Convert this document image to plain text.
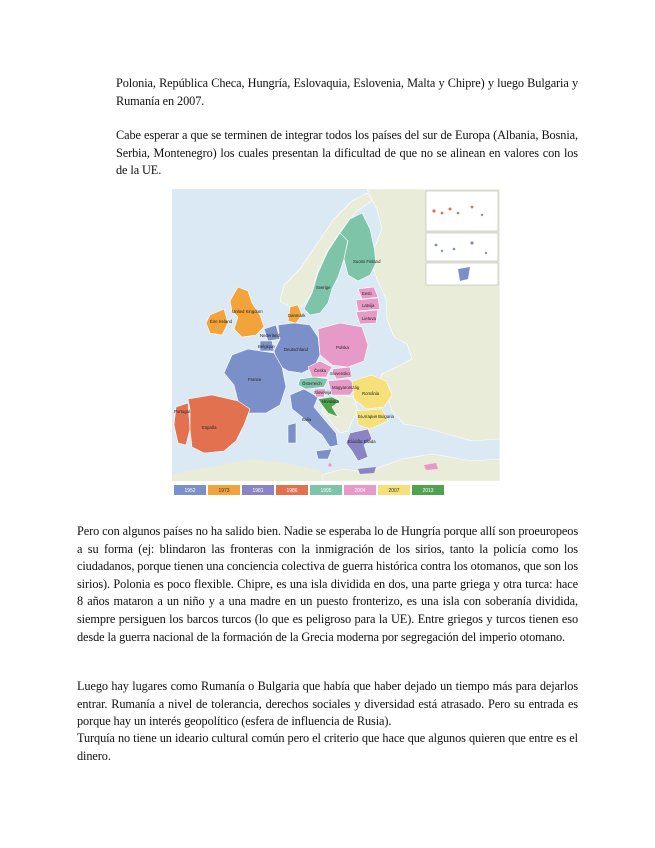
Polonia, República Checa, Hungría, Eslovaquia, Eslovenia, Malta y Chipre) y luego Bulgaria y Rumanía en 2007.

Cabe esperar a que se terminen de integrar todos los países del sur de Europa (Albania, Bosnia, Serbia, Montenegro) los cuales presentan la dificultad de que no se alinean en valores con los de la UE.

Suomi Finland
Sverige
Eesti
Latvija
Lietuva
United Kingdom
Éire Ireland
Danmark
Nederland
Belgique
Deutschland	Polska
Česko
Slovensko
Österreich
Magyarország
France
Slovenija
Hrvatska
România
България Bulgaria
Portugal
España
Italia
Ελλάδα Elláda
1952	1973	1981	1986	1995	2004	2007	2013

Pero con algunos países no ha salido bien. Nadie se esperaba lo de Hungría porque allí son proeuropeos a su forma (ej: blindaron las fronteras con la inmigración de los sirios, tanto la policía como los ciudadanos, porque tienen una conciencia colectiva de guerra histórica contra los otomanos, que son los sirios). Polonia es poco flexible. Chipre, es una isla dividida en dos, una parte griega y otra turca: hace 8 años mataron a un niño y a una madre en un puesto fronterizo, es una isla con soberanía dividida, siempre persiguen los barcos turcos (lo que es peligroso para la UE). Entre griegos y turcos tienen eso desde la guerra nacional de la formación de la Grecia moderna por segregación del imperio otomano.

Luego hay lugares como Rumanía o Bulgaria que había que haber dejado un tiempo más para dejarlos entrar. Rumanía a nivel de tolerancia, derechos sociales y diversidad está atrasado. Pero su entrada es porque hay un interés geopolítico (esfera de influencia de Rusia).

Turquía no tiene un ideario cultural común pero el criterio que hace que algunos quieren que entre es el dinero.
